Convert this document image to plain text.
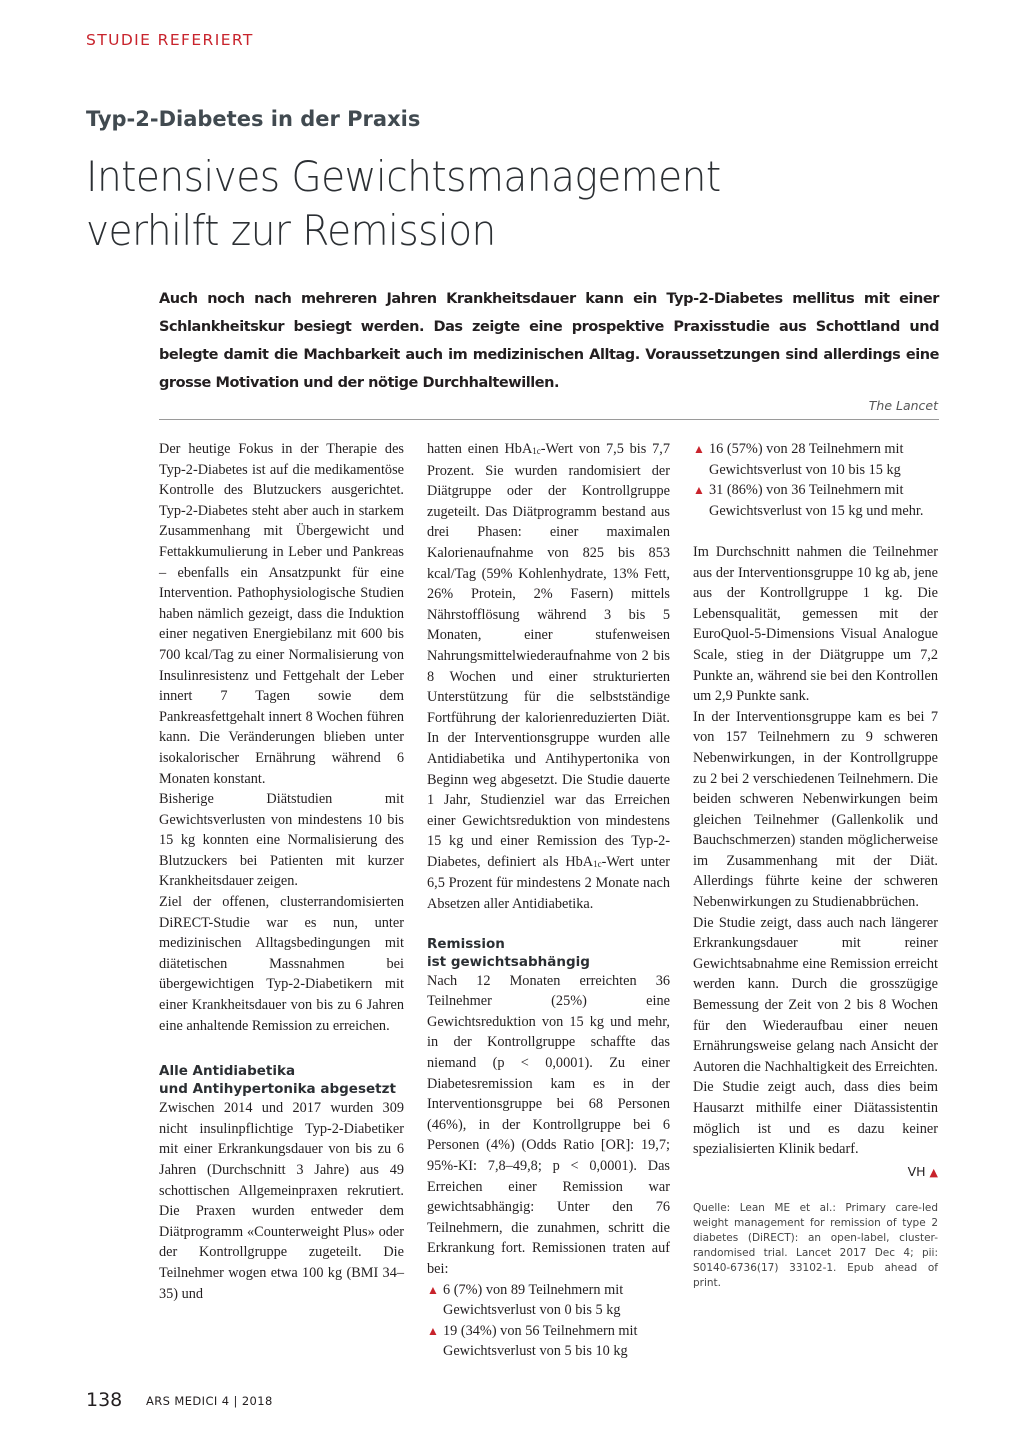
STUDIE REFERIERT
Typ-2-Diabetes in der Praxis
Intensives Gewichtsmanagement
verhilft zur Remission
Auch noch nach mehreren Jahren Krankheitsdauer kann ein Typ-2-Diabetes mellitus mit einer Schlankheitskur besiegt werden. Das zeigte eine prospektive Praxisstudie aus Schottland und belegte damit die Machbarkeit auch im medizinischen Alltag. Voraussetzungen sind allerdings eine grosse Motivation und der nötige Durchhaltewillen.
The Lancet

Der heutige Fokus in der Therapie des Typ-2-Diabetes ist auf die medikamentöse Kontrolle des Blutzuckers ausgerichtet. Typ-2-Diabetes steht aber auch in starkem Zusammenhang mit Übergewicht und Fettakkumulierung in Leber und Pankreas – ebenfalls ein Ansatzpunkt für eine Intervention. Pathophysiologische Studien haben nämlich gezeigt, dass die Induktion einer negativen Energiebilanz mit 600 bis 700 kcal/Tag zu einer Normalisierung von Insulinresistenz und Fettgehalt der Leber innert 7 Tagen sowie dem Pankreasfettgehalt innert 8 Wochen führen kann. Die Veränderungen blieben unter isokalorischer Ernährung während 6 Monaten konstant.

Bisherige Diätstudien mit Gewichtsverlusten von mindestens 10 bis 15 kg konnten eine Normalisierung des Blutzuckers bei Patienten mit kurzer Krankheitsdauer zeigen.

Ziel der offenen, clusterrandomisierten DiRECT-Studie war es nun, unter medizinischen Alltagsbedingungen mit diätetischen Massnahmen bei übergewichtigen Typ-2-Diabetikern mit einer Krankheitsdauer von bis zu 6 Jahren eine anhaltende Remission zu erreichen.

Alle Antidiabetika
und Antihypertonika abgesetzt

Zwischen 2014 und 2017 wurden 309 nicht insulinpflichtige Typ-2-Diabetiker mit einer Erkrankungsdauer von bis zu 6 Jahren (Durchschnitt 3 Jahre) aus 49 schottischen Allgemeinpraxen rekrutiert. Die Praxen wurden entweder dem Diätprogramm «Counterweight Plus» oder der Kontrollgruppe zugeteilt. Die Teilnehmer wogen etwa 100 kg (BMI 34–35) und

hatten einen HbA$_{1c}$-Wert von 7,5 bis 7,7 Prozent. Sie wurden randomisiert der Diätgruppe oder der Kontrollgruppe zugeteilt. Das Diätprogramm bestand aus drei Phasen: einer maximalen Kalorienaufnahme von 825 bis 853 kcal/Tag (59% Kohlenhydrate, 13% Fett, 26% Protein, 2% Fasern) mittels Nährstofflösung während 3 bis 5 Monaten, einer stufenweisen Nahrungsmittelwiederaufnahme von 2 bis 8 Wochen und einer strukturierten Unterstützung für die selbstständige Fortführung der kalorienreduzierten Diät. In der Interventionsgruppe wurden alle Antidiabetika und Antihypertonika von Beginn weg abgesetzt. Die Studie dauerte 1 Jahr, Studienziel war das Erreichen einer Gewichtsreduktion von mindestens 15 kg und einer Remission des Typ-2-Diabetes, definiert als HbA$_{1c}$-Wert unter 6,5 Prozent für mindestens 2 Monate nach Absetzen aller Antidiabetika.

Remission
ist gewichtsabhängig

Nach 12 Monaten erreichten 36 Teilnehmer (25%) eine Gewichtsreduktion von 15 kg und mehr, in der Kontrollgruppe schaffte das niemand (p < 0,0001). Zu einer Diabetesremission kam es in der Interventionsgruppe bei 68 Personen (46%), in der Kontrollgruppe bei 6 Personen (4%) (Odds Ratio [OR]: 19,7; 95%-KI: 7,8–49,8; p < 0,0001). Das Erreichen einer Remission war gewichtsabhängig: Unter den 76 Teilnehmern, die zunahmen, schritt die Erkrankung fort. Remissionen traten auf bei:

▲ 6 (7%) von 89 Teilnehmern mit Gewichtsverlust von 0 bis 5 kg
▲ 19 (34%) von 56 Teilnehmern mit Gewichtsverlust von 5 bis 10 kg
▲ 16 (57%) von 28 Teilnehmern mit Gewichtsverlust von 10 bis 15 kg
▲ 31 (86%) von 36 Teilnehmern mit Gewichtsverlust von 15 kg und mehr.

Im Durchschnitt nahmen die Teilnehmer aus der Interventionsgruppe 10 kg ab, jene aus der Kontrollgruppe 1 kg. Die Lebensqualität, gemessen mit der EuroQuol-5-Dimensions Visual Analogue Scale, stieg in der Diätgruppe um 7,2 Punkte an, während sie bei den Kontrollen um 2,9 Punkte sank.

In der Interventionsgruppe kam es bei 7 von 157 Teilnehmern zu 9 schweren Nebenwirkungen, in der Kontrollgruppe zu 2 bei 2 verschiedenen Teilnehmern. Die beiden schweren Nebenwirkungen beim gleichen Teilnehmer (Gallenkolik und Bauchschmerzen) standen möglicherweise im Zusammenhang mit der Diät. Allerdings führte keine der schweren Nebenwirkungen zu Studienabbrüchen.

Die Studie zeigt, dass auch nach längerer Erkrankungsdauer mit reiner Gewichtsabnahme eine Remission erreicht werden kann. Durch die grosszügige Bemessung der Zeit von 2 bis 8 Wochen für den Wiederaufbau einer neuen Ernährungsweise gelang nach Ansicht der Autoren die Nachhaltigkeit des Erreichten. Die Studie zeigt auch, dass dies beim Hausarzt mithilfe einer Diätassistentin möglich ist und es dazu keiner spezialisierten Klinik bedarf.

VH ▲
Quelle: Lean ME et al.: Primary care-led weight management for remission of type 2 diabetes (DiRECT): an open-label, cluster-randomised trial. Lancet 2017 Dec 4; pii: S0140-6736(17) 33102-1. Epub ahead of print.
138 ARS MEDICI 4 | 2018
